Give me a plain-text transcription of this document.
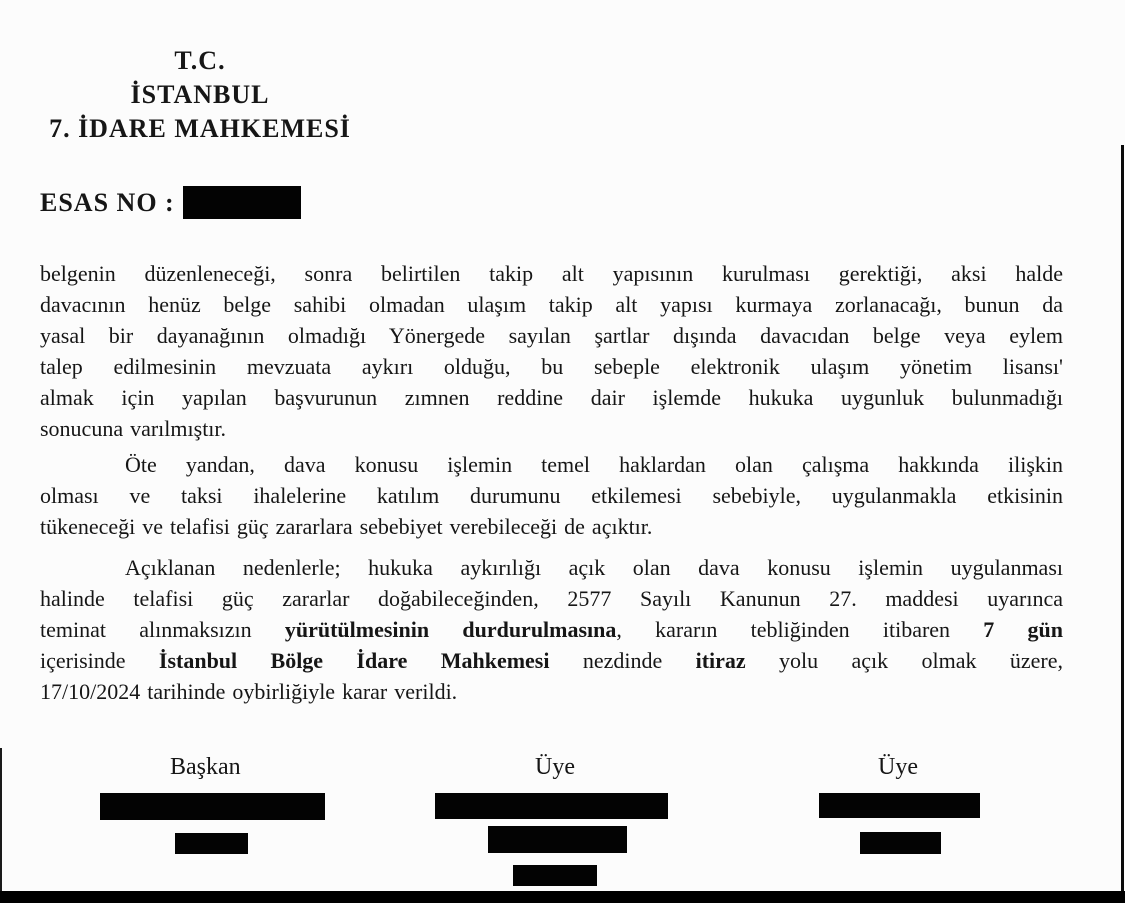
T.C.
İSTANBUL
7. İDARE MAHKEMESİ
ESAS NO :
belgenin düzenleneceği, sonra belirtilen takip alt yapısının kurulması gerektiği, aksi halde
davacının henüz belge sahibi olmadan ulaşım takip alt yapısı kurmaya zorlanacağı, bunun da
yasal bir dayanağının olmadığı Yönergede sayılan şartlar dışında davacıdan belge veya eylem
talep edilmesinin mevzuata aykırı olduğu, bu sebeple elektronik ulaşım yönetim lisansı'
almak için yapılan başvurunun zımnen reddine dair işlemde hukuka uygunluk bulunmadığı
sonucuna varılmıştır.
Öte yandan, dava konusu işlemin temel haklardan olan çalışma hakkında ilişkin
olması ve taksi ihalelerine katılım durumunu etkilemesi sebebiyle, uygulanmakla etkisinin
tükeneceği ve telafisi güç zararlara sebebiyet verebileceği de açıktır.
Açıklanan nedenlerle; hukuka aykırılığı açık olan dava konusu işlemin uygulanması
halinde telafisi güç zararlar doğabileceğinden, 2577 Sayılı Kanunun 27. maddesi uyarınca
teminat alınmaksızın yürütülmesinin durdurulmasına, kararın tebliğinden itibaren 7 gün
içerisinde İstanbul Bölge İdare Mahkemesi nezdinde itiraz yolu açık olmak üzere,
17/10/2024 tarihinde oybirliğiyle karar verildi.
Başkan	Üye	Üye
